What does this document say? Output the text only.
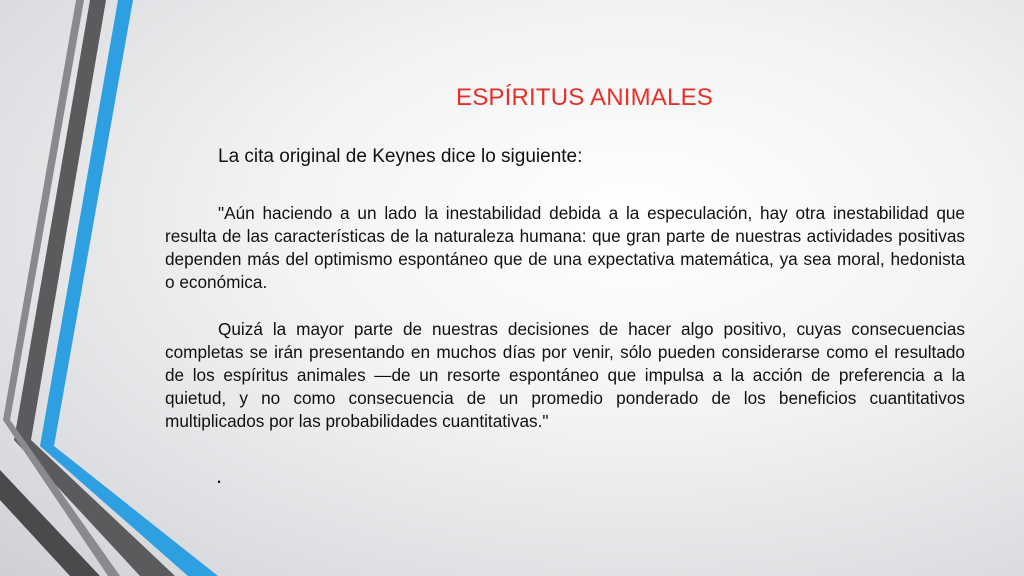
ESPÍRITUS ANIMALES
La cita original de Keynes dice lo siguiente:

"Aún haciendo a un lado la inestabilidad debida a la especulación, hay otra inestabilidad que resulta de las características de la naturaleza humana: que gran parte de nuestras actividades positivas dependen más del optimismo espontáneo que de una expectativa matemática, ya sea moral, hedonista o económica.

Quizá la mayor parte de nuestras decisiones de hacer algo positivo, cuyas consecuencias completas se irán presentando en muchos días por venir, sólo pueden considerarse como el resultado de los espíritus animales —de un resorte espontáneo que impulsa a la acción de preferencia a la quietud, y no como consecuencia de un promedio ponderado de los beneficios cuantitativos multiplicados por las probabilidades cuantitativas."

.
